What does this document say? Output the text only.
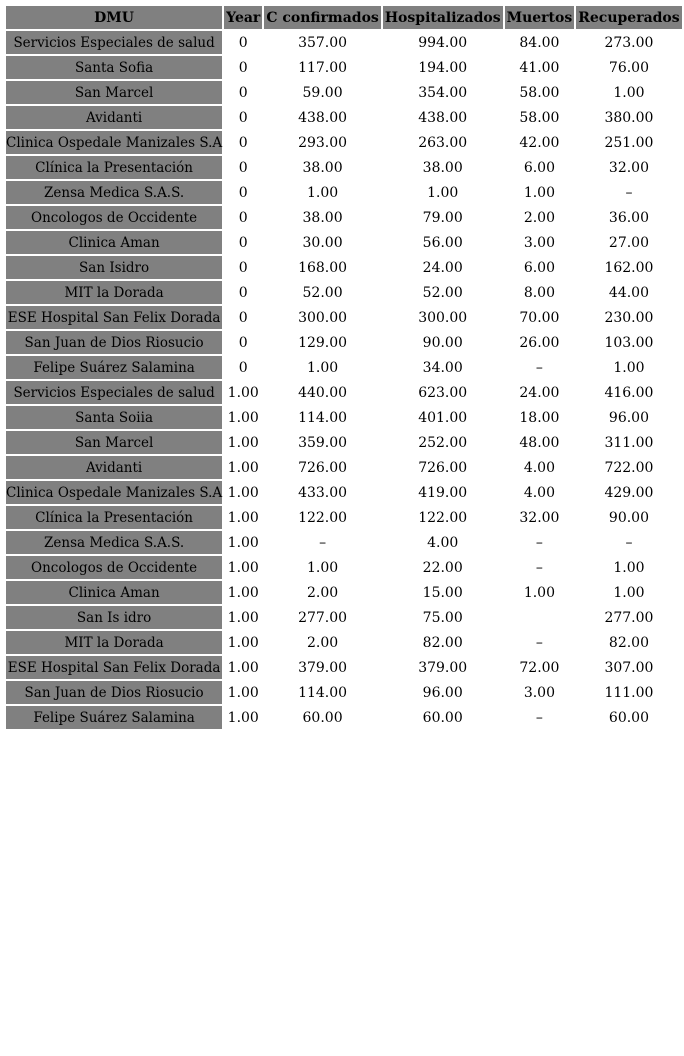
DMU	Year	C confirmados	Hospitalizados	Muertos	Recuperados
Servicios Especiales de salud	0	357.00	994.00	84.00	273.00
Santa Sofia	0	117.00	194.00	41.00	76.00
San Marcel	0	59.00	354.00	58.00	1.00
Avidanti	0	438.00	438.00	58.00	380.00
Clinica Ospedale Manizales S.A	0	293.00	263.00	42.00	251.00
Clínica la Presentación	0	38.00	38.00	6.00	32.00
Zensa Medica S.A.S.	0	1.00	1.00	1.00	–
Oncologos de Occidente	0	38.00	79.00	2.00	36.00
Clinica Aman	0	30.00	56.00	3.00	27.00
San Isidro	0	168.00	24.00	6.00	162.00
MIT la Dorada	0	52.00	52.00	8.00	44.00
ESE Hospital San Felix Dorada	0	300.00	300.00	70.00	230.00
San Juan de Dios Riosucio	0	129.00	90.00	26.00	103.00
Felipe Suárez Salamina	0	1.00	34.00	–	1.00
Servicios Especiales de salud	1.00	440.00	623.00	24.00	416.00
Santa Soiia	1.00	114.00	401.00	18.00	96.00
San Marcel	1.00	359.00	252.00	48.00	311.00
Avidanti	1.00	726.00	726.00	4.00	722.00
Clinica Ospedale Manizales S.A	1.00	433.00	419.00	4.00	429.00
Clínica la Presentación	1.00	122.00	122.00	32.00	90.00
Zensa Medica S.A.S.	1.00	–	4.00	–	–
Oncologos de Occidente	1.00	1.00	22.00	–	1.00
Clinica Aman	1.00	2.00	15.00	1.00	1.00
San Is idro	1.00	277.00	75.00		277.00
MIT la Dorada	1.00	2.00	82.00	–	82.00
ESE Hospital San Felix Dorada	1.00	379.00	379.00	72.00	307.00
San Juan de Dios Riosucio	1.00	114.00	96.00	3.00	111.00
Felipe Suárez Salamina	1.00	60.00	60.00	–	60.00
